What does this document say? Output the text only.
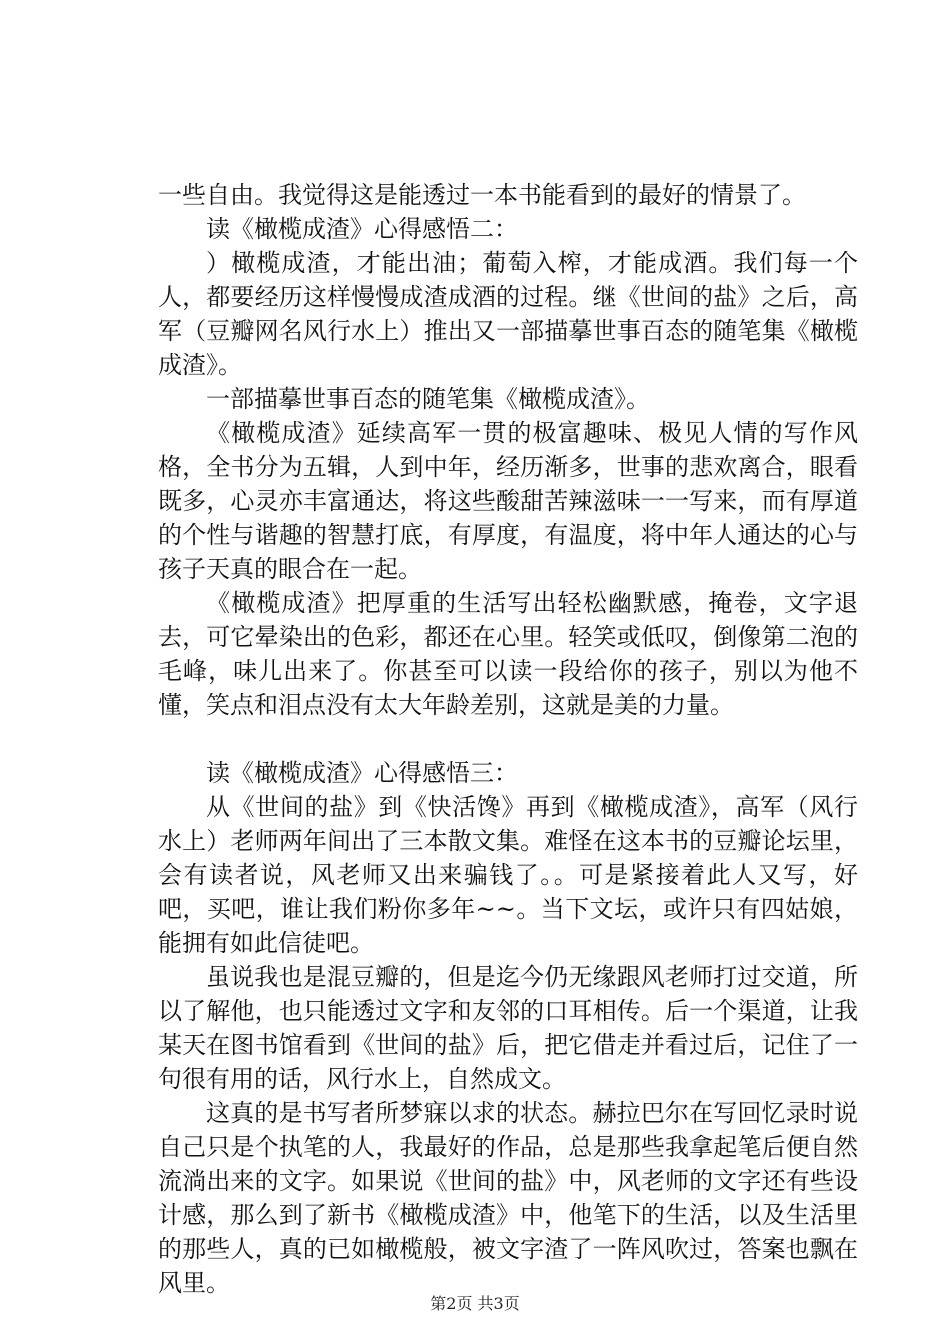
一些自由。我觉得这是能透过一本书能看到的最好的情景了。

读《橄榄成渣》心得感悟二：

）橄榄成渣，才能出油；葡萄入榨，才能成酒。我们每一个人，都要经历这样慢慢成渣成酒的过程。继《世间的盐》之后，高军（豆瓣网名风行水上）推出又一部描摹世事百态的随笔集《橄榄成渣》。

一部描摹世事百态的随笔集《橄榄成渣》。

《橄榄成渣》延续高军一贯的极富趣味、极见人情的写作风格，全书分为五辑，人到中年，经历渐多，世事的悲欢离合，眼看既多，心灵亦丰富通达，将这些酸甜苦辣滋味一一写来，而有厚道的个性与谐趣的智慧打底，有厚度，有温度，将中年人通达的心与孩子天真的眼合在一起。

《橄榄成渣》把厚重的生活写出轻松幽默感，掩卷，文字退去，可它晕染出的色彩，都还在心里。轻笑或低叹，倒像第二泡的毛峰，味儿出来了。你甚至可以读一段给你的孩子，别以为他不懂，笑点和泪点没有太大年龄差别，这就是美的力量。

读《橄榄成渣》心得感悟三：

从《世间的盐》到《快活馋》再到《橄榄成渣》，高军（风行水上）老师两年间出了三本散文集。难怪在这本书的豆瓣论坛里，会有读者说，风老师又出来骗钱了。。可是紧接着此人又写，好吧，买吧，谁让我们粉你多年~~。当下文坛，或许只有四姑娘，能拥有如此信徒吧。

虽说我也是混豆瓣的，但是迄今仍无缘跟风老师打过交道，所以了解他，也只能透过文字和友邻的口耳相传。后一个渠道，让我某天在图书馆看到《世间的盐》后，把它借走并看过后，记住了一句很有用的话，风行水上，自然成文。

这真的是书写者所梦寐以求的状态。赫拉巴尔在写回忆录时说自己只是个执笔的人，我最好的作品，总是那些我拿起笔后便自然流淌出来的文字。如果说《世间的盐》中，风老师的文字还有些设计感，那么到了新书《橄榄成渣》中，他笔下的生活，以及生活里的那些人，真的已如橄榄般，被文字渣了一阵风吹过，答案也飘在风里。

第2页 共3页
